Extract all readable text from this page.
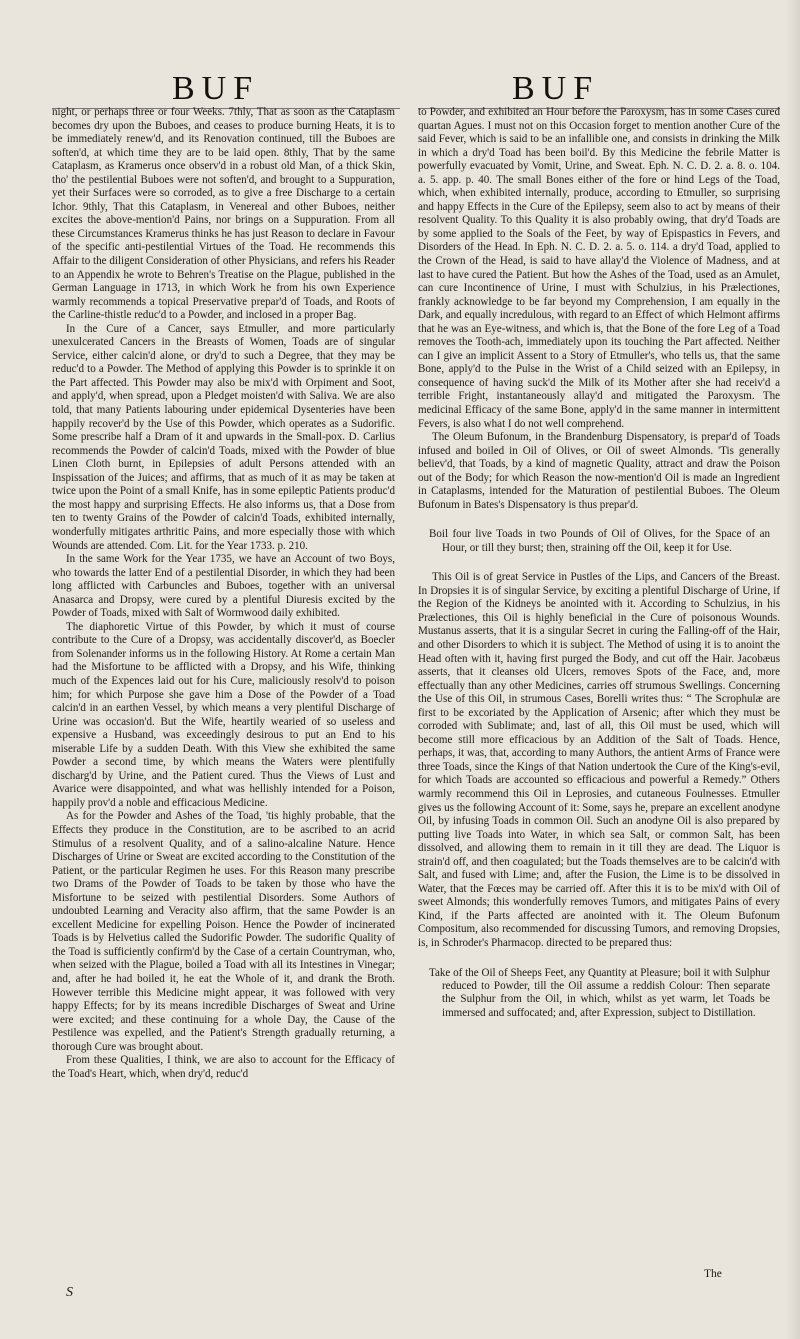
BUF	BUF

night, or perhaps three or four Weeks. 7thly, That as soon as the Cataplasm becomes dry upon the Buboes, and ceases to produce burning Heats, it is to be immediately renew'd, and its Renovation continued, till the Buboes are soften'd, at which time they are to be laid open. 8thly, That by the same Cataplasm, as Kramerus once observ'd in a robust old Man, of a thick Skin, tho' the pestilential Buboes were not soften'd, and brought to a Suppuration, yet their Surfaces were so corroded, as to give a free Discharge to a certain Ichor. 9thly, That this Cataplasm, in Venereal and other Buboes, neither excites the above-mention'd Pains, nor brings on a Suppuration. From all these Circumstances Kramerus thinks he has just Reason to declare in Favour of the specific anti-pestilential Virtues of the Toad. He recommends this Affair to the diligent Consideration of other Physicians, and refers his Reader to an Appendix he wrote to Behren's Treatise on the Plague, published in the German Language in 1713, in which Work he from his own Experience warmly recommends a topical Preservative prepar'd of Toads, and Roots of the Carline-thistle reduc'd to a Powder, and inclosed in a proper Bag.

In the Cure of a Cancer, says Etmuller, and more particularly unexulcerated Cancers in the Breasts of Women, Toads are of singular Service, either calcin'd alone, or dry'd to such a Degree, that they may be reduc'd to a Powder. The Method of applying this Powder is to sprinkle it on the Part affected. This Powder may also be mix'd with Orpiment and Soot, and apply'd, when spread, upon a Pledget moisten'd with Saliva. We are also told, that many Patients labouring under epidemical Dysenteries have been happily recover'd by the Use of this Powder, which operates as a Sudorific. Some prescribe half a Dram of it and upwards in the Small-pox. D. Carlius recommends the Powder of calcin'd Toads, mixed with the Powder of blue Linen Cloth burnt, in Epilepsies of adult Persons attended with an Inspissation of the Juices; and affirms, that as much of it as may be taken at twice upon the Point of a small Knife, has in some epileptic Patients produc'd the most happy and surprising Effects. He also informs us, that a Dose from ten to twenty Grains of the Powder of calcin'd Toads, exhibited internally, wonderfully mitigates arthritic Pains, and more especially those with which Wounds are attended. Com. Lit. for the Year 1733. p. 210.

In the same Work for the Year 1735, we have an Account of two Boys, who towards the latter End of a pestilential Disorder, in which they had been long afflicted with Carbuncles and Buboes, together with an universal Anasarca and Dropsy, were cured by a plentiful Diuresis excited by the Powder of Toads, mixed with Salt of Wormwood daily exhibited.

The diaphoretic Virtue of this Powder, by which it must of course contribute to the Cure of a Dropsy, was accidentally discover'd, as Boecler from Solenander informs us in the following History. At Rome a certain Man had the Misfortune to be afflicted with a Dropsy, and his Wife, thinking much of the Expences laid out for his Cure, maliciously resolv'd to poison him; for which Purpose she gave him a Dose of the Powder of a Toad calcin'd in an earthen Vessel, by which means a very plentiful Discharge of Urine was occasion'd. But the Wife, heartily wearied of so useless and expensive a Husband, was exceedingly desirous to put an End to his miserable Life by a sudden Death. With this View she exhibited the same Powder a second time, by which means the Waters were plentifully discharg'd by Urine, and the Patient cured. Thus the Views of Lust and Avarice were disappointed, and what was hellishly intended for a Poison, happily prov'd a noble and efficacious Medicine.

As for the Powder and Ashes of the Toad, 'tis highly probable, that the Effects they produce in the Constitution, are to be ascribed to an acrid Stimulus of a resolvent Quality, and of a salino-alcaline Nature. Hence Discharges of Urine or Sweat are excited according to the Constitution of the Patient, or the particular Regimen he uses. For this Reason many prescribe two Drams of the Powder of Toads to be taken by those who have the Misfortune to be seized with pestilential Disorders. Some Authors of undoubted Learning and Veracity also affirm, that the same Powder is an excellent Medicine for expelling Poison. Hence the Powder of incinerated Toads is by Helvetius called the Sudorific Powder. The sudorific Quality of the Toad is sufficiently confirm'd by the Case of a certain Countryman, who, when seized with the Plague, boiled a Toad with all its Intestines in Vinegar; and, after he had boiled it, he eat the Whole of it, and drank the Broth. However terrible this Medicine might appear, it was followed with very happy Effects; for by its means incredible Discharges of Sweat and Urine were excited; and these continuing for a whole Day, the Cause of the Pestilence was expelled, and the Patient's Strength gradually returning, a thorough Cure was brought about.

From these Qualities, I think, we are also to account for the Efficacy of the Toad's Heart, which, when dry'd, reduc'd

to Powder, and exhibited an Hour before the Paroxysm, has in some Cases cured quartan Agues. I must not on this Occasion forget to mention another Cure of the said Fever, which is said to be an infallible one, and consists in drinking the Milk in which a dry'd Toad has been boil'd. By this Medicine the febrile Matter is powerfully evacuated by Vomit, Urine, and Sweat. Eph. N. C. D. 2. a. 8. o. 104. a. 5. app. p. 40. The small Bones either of the fore or hind Legs of the Toad, which, when exhibited internally, produce, according to Etmuller, so surprising and happy Effects in the Cure of the Epilepsy, seem also to act by means of their resolvent Quality. To this Quality it is also probably owing, that dry'd Toads are by some applied to the Soals of the Feet, by way of Epispastics in Fevers, and Disorders of the Head. In Eph. N. C. D. 2. a. 5. o. 114. a dry'd Toad, applied to the Crown of the Head, is said to have allay'd the Violence of Madness, and at last to have cured the Patient. But how the Ashes of the Toad, used as an Amulet, can cure Incontinence of Urine, I must with Schulzius, in his Prælectiones, frankly acknowledge to be far beyond my Comprehension, I am equally in the Dark, and equally incredulous, with regard to an Effect of which Helmont affirms that he was an Eye-witness, and which is, that the Bone of the fore Leg of a Toad removes the Tooth-ach, immediately upon its touching the Part affected. Neither can I give an implicit Assent to a Story of Etmuller's, who tells us, that the same Bone, apply'd to the Pulse in the Wrist of a Child seized with an Epilepsy, in consequence of having suck'd the Milk of its Mother after she had receiv'd a terrible Fright, instantaneously allay'd and mitigated the Paroxysm. The medicinal Efficacy of the same Bone, apply'd in the same manner in intermittent Fevers, is also what I do not well comprehend.

The Oleum Bufonum, in the Brandenburg Dispensatory, is prepar'd of Toads infused and boiled in Oil of Olives, or Oil of sweet Almonds. 'Tis generally believ'd, that Toads, by a kind of magnetic Quality, attract and draw the Poison out of the Body; for which Reason the now-mention'd Oil is made an Ingredient in Cataplasms, intended for the Maturation of pestilential Buboes. The Oleum Bufonum in Bates's Dispensatory is thus prepar'd.

Boil four live Toads in two Pounds of Oil of Olives, for the Space of an Hour, or till they burst; then, straining off the Oil, keep it for Use.

This Oil is of great Service in Pustles of the Lips, and Cancers of the Breast. In Dropsies it is of singular Service, by exciting a plentiful Discharge of Urine, if the Region of the Kidneys be anointed with it. According to Schulzius, in his Prælectiones, this Oil is highly beneficial in the Cure of poisonous Wounds. Mustanus asserts, that it is a singular Secret in curing the Falling-off of the Hair, and other Disorders to which it is subject. The Method of using it is to anoint the Head often with it, having first purged the Body, and cut off the Hair. Jacobæus asserts, that it cleanses old Ulcers, removes Spots of the Face, and, more effectually than any other Medicines, carries off strumous Swellings. Concerning the Use of this Oil, in strumous Cases, Borelli writes thus: “ The Scrophulæ are first to be excoriated by the Application of Arsenic; after which they must be corroded with Sublimate; and, last of all, this Oil must be used, which will become still more efficacious by an Addition of the Salt of Toads. Hence, perhaps, it was, that, according to many Authors, the antient Arms of France were three Toads, since the Kings of that Nation undertook the Cure of the King's-evil, for which Toads are accounted so efficacious and powerful a Remedy.” Others warmly recommend this Oil in Leprosies, and cutaneous Foulnesses. Etmuller gives us the following Account of it: Some, says he, prepare an excellent anodyne Oil, by infusing Toads in common Oil. Such an anodyne Oil is also prepared by putting live Toads into Water, in which sea Salt, or common Salt, has been dissolved, and allowing them to remain in it till they are dead. The Liquor is strain'd off, and then coagulated; but the Toads themselves are to be calcin'd with Salt, and fused with Lime; and, after the Fusion, the Lime is to be dissolved in Water, that the Fœces may be carried off. After this it is to be mix'd with Oil of sweet Almonds; this wonderfully removes Tumors, and mitigates Pains of every Kind, if the Parts affected are anointed with it. The Oleum Bufonum Compositum, also recommended for discussing Tumors, and removing Dropsies, is, in Schroder's Pharmacop. directed to be prepared thus:

Take of the Oil of Sheeps Feet, any Quantity at Pleasure; boil it with Sulphur reduced to Powder, till the Oil assume a reddish Colour: Then separate the Sulphur from the Oil, in which, whilst as yet warm, let Toads be immersed and suffocated; and, after Expression, subject to Distillation.

S
The
